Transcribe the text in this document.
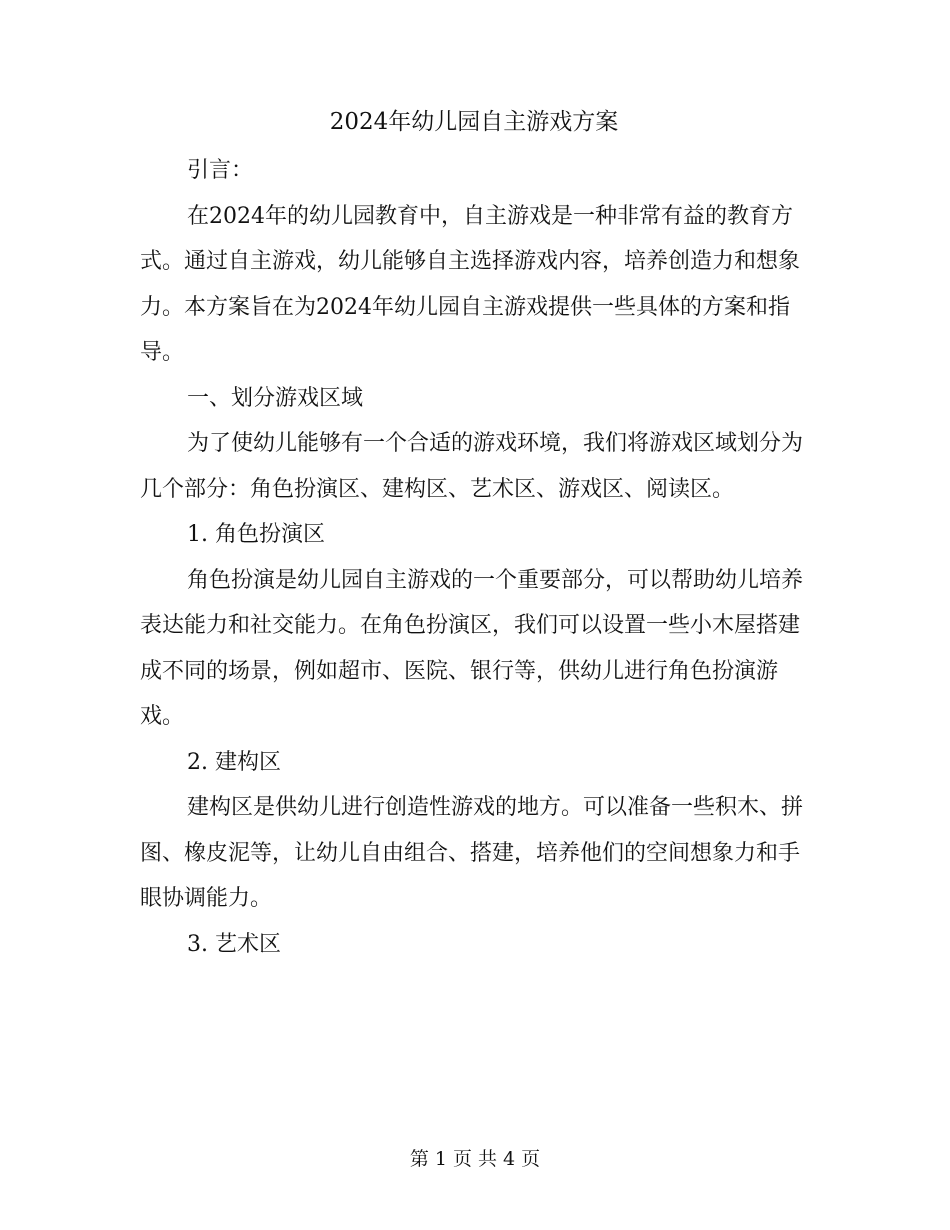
2024年幼儿园自主游戏方案

引言：

在2024年的幼儿园教育中，自主游戏是一种非常有益的教育方式。通过自主游戏，幼儿能够自主选择游戏内容，培养创造力和想象力。本方案旨在为2024年幼儿园自主游戏提供一些具体的方案和指导。

一、划分游戏区域

为了使幼儿能够有一个合适的游戏环境，我们将游戏区域划分为几个部分：角色扮演区、建构区、艺术区、游戏区、阅读区。

1. 角色扮演区

角色扮演是幼儿园自主游戏的一个重要部分，可以帮助幼儿培养表达能力和社交能力。在角色扮演区，我们可以设置一些小木屋搭建成不同的场景，例如超市、医院、银行等，供幼儿进行角色扮演游戏。

2. 建构区

建构区是供幼儿进行创造性游戏的地方。可以准备一些积木、拼图、橡皮泥等，让幼儿自由组合、搭建，培养他们的空间想象力和手眼协调能力。

3. 艺术区

第 1 页 共 4 页
